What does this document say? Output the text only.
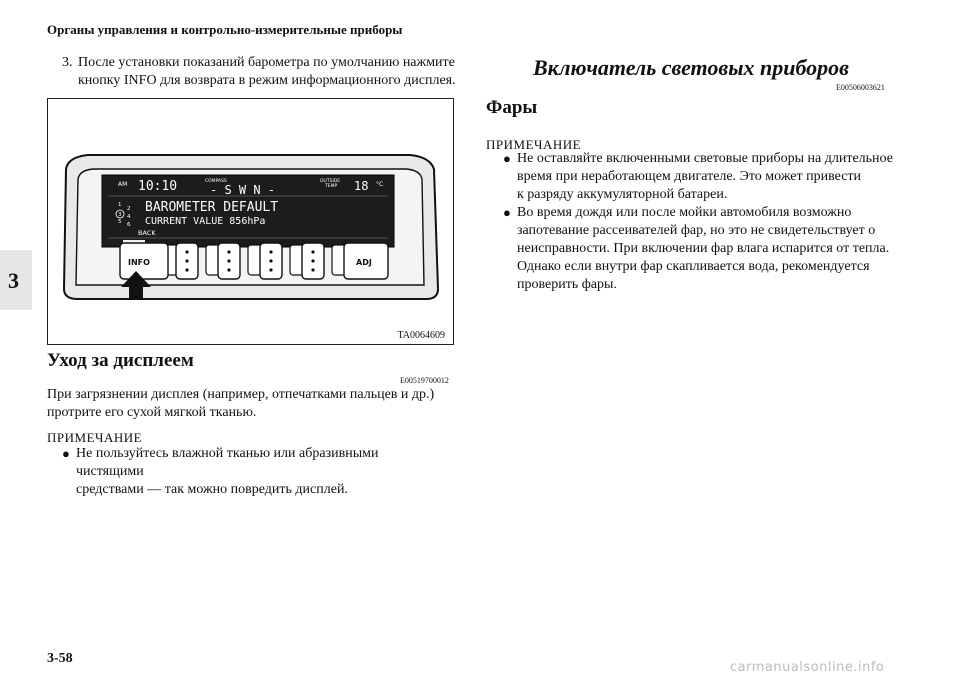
Органы управления и контрольно-измерительные приборы
3
3. После установки показаний барометра по умолчанию нажмите кнопку INFO для возврата в режим информационного дисплея.
AM 10:10	COMPASS
- S W N -
OUTSIDE
TEMP 18 °C
3
1
2
4
5 6
BAROMETER DEFAULT
CURRENT VALUE 856hPa
BACK
INFO	ADJ
TA0064609
Уход за дисплеем
E00519700012
При загрязнении дисплея (например, отпечатками пальцев и др.)
протрите его сухой мягкой тканью.
ПРИМЕЧАНИЕ
● Не пользуйтесь влажной тканью или абразивными чистящими
средствами — так можно повредить дисплей.
Включатель световых приборов
E00506003621
Фары
ПРИМЕЧАНИЕ
● Не оставляйте включенными световые приборы на длительное
время при неработающем двигателе. Это может привести
к разряду аккумуляторной батареи.
● Во время дождя или после мойки автомобиля возможно
запотевание рассеивателей фар, но это не свидетельствует о
неисправности. При включении фар влага испарится от тепла.
Однако если внутри фар скапливается вода, рекомендуется
проверить фары.
3-58
carmanualsonline.info
